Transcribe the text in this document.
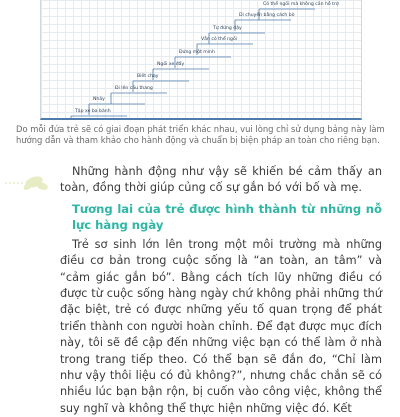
Có thể ngồi mà không cần hỗ trợ
Di chuyển bằng cách bò
Tự đứng dậy
Vẫn có thể ngồi
Đứng một mình
Ngồi xe đẩy
Biết chạy
Đi lên cầu thang
Nhảy
Tập xe ba bánh
Do mỗi đứa trẻ sẽ có giai đoạn phát triển khác nhau, vui lòng chỉ sử dụng bảng này làm hướng dẫn và tham khảo cho hành động và chuẩn bị biện pháp an toàn cho riêng bạn.

Những hành động như vậy sẽ khiến bé cảm thấy an toàn, đồng thời giúp củng cố sự gắn bó với bố và mẹ.

Tương lai của trẻ được hình thành từ những nỗ lực hàng ngày

Trẻ sơ sinh lớn lên trong một môi trường mà những điều cơ bản trong cuộc sống là “an toàn, an tâm” và “cảm giác gắn bó”. Bằng cách tích lũy những điều có được từ cuộc sống hàng ngày chứ không phải những thứ đặc biệt, trẻ có được những yếu tố quan trọng để phát triển thành con người hoàn chỉnh. Để đạt được mục đích này, tôi sẽ đề cập đến những việc bạn có thể làm ở nhà trong trang tiếp theo. Có thể bạn sẽ đắn đo, “Chỉ làm như vậy thôi liệu có đủ không?”, nhưng chắc chắn sẽ có nhiều lúc bạn bận rộn, bị cuốn vào công việc, không thể suy nghĩ và không thể thực hiện những việc đó. Kết
